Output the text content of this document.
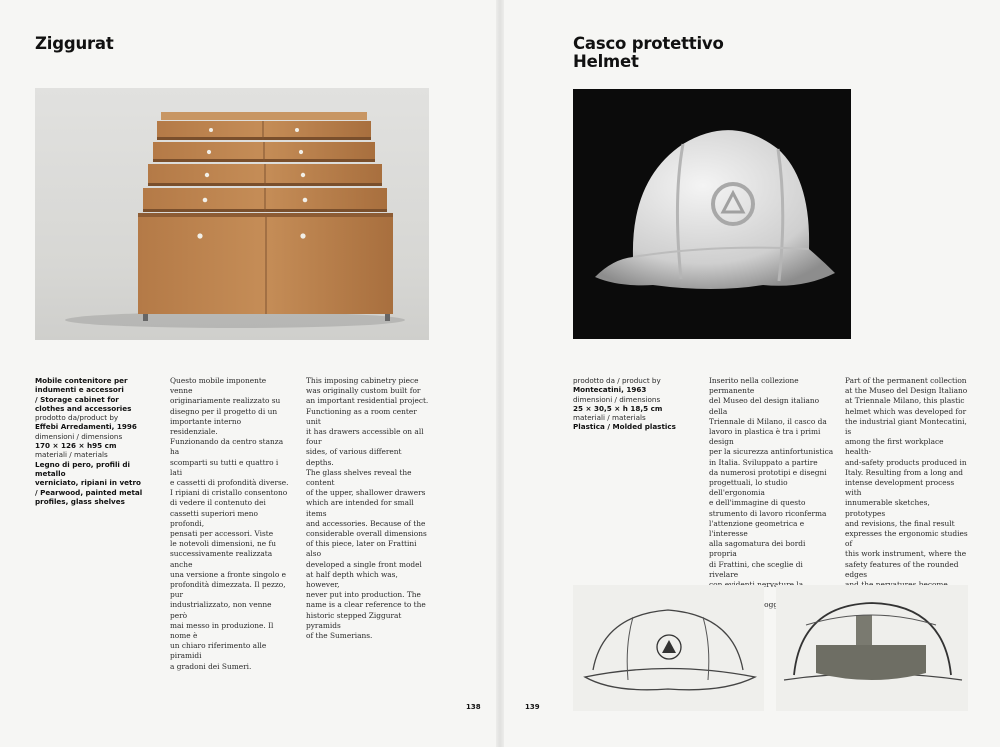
Ziggurat

Mobile contenitore per
indumenti e accessori
/ Storage cabinet for
clothes and accessories

prodotto da/product by

Effebi Arredamenti, 1996

dimensioni / dimensions

170 × 126 × h95 cm

materiali / materials

Legno di pero, profili di metallo
verniciato, ripiani in vetro
/ Pearwood, painted metal
profiles, glass shelves

Questo mobile imponente venne
originariamente realizzato su
disegno per il progetto di un
importante interno residenziale.
Funzionando da centro stanza ha
scomparti su tutti e quattro i lati
e cassetti di profondità diverse.
I ripiani di cristallo consentono
di vedere il contenuto dei
cassetti superiori meno profondi,
pensati per accessori. Viste
le notevoli dimensioni, ne fu
successivamente realizzata anche
una versione a fronte singolo e
profondità dimezzata. Il pezzo, pur
industrializzato, non venne però
mai messo in produzione. Il nome è
un chiaro riferimento alle piramidi
a gradoni dei Sumeri.

This imposing cabinetry piece
was originally custom built for
an important residential project.
Functioning as a room center unit
it has drawers accessible on all four
sides, of various different depths.
The glass shelves reveal the content
of the upper, shallower drawers
which are intended for small items
and accessories. Because of the
considerable overall dimensions
of this piece, later on Frattini also
developed a single front model
at half depth which was, however,
never put into production. The
name is a clear reference to the
historic stepped Ziggurat pyramids
of the Sumerians.

138
Casco protettivo
Helmet

prodotto da / product by

Montecatini, 1963

dimensioni / dimensions

25 × 30,5 × h 18,5 cm

materiali / materials

Plastica / Molded plastics

Inserito nella collezione permanente
del Museo del design italiano della
Triennale di Milano, il casco da
lavoro in plastica è tra i primi design
per la sicurezza antinfortunistica
in Italia. Sviluppato a partire
da numerosi prototipi e disegni
progettuali, lo studio dell'ergonomia
e dell'immagine di questo
strumento di lavoro riconferma
l'attenzione geometrica e l'interesse
alla sagomatura dei bordi propria
di Frattini, che sceglie di rivelare

dell'oggetto.

Part of the permanent collection
at the Museo del Design Italiano
at Triennale Milano, this plastic
helmet which was developed for
the industrial giant Montecatini, is
among the first workplace health-
and-safety products produced in
Italy. Resulting from a long and
intense development process with
innumerable sketches, prototypes
and revisions, the final result
expresses the ergonomic studies of
this work instrument, where the
safety features of the rounded edges

139
